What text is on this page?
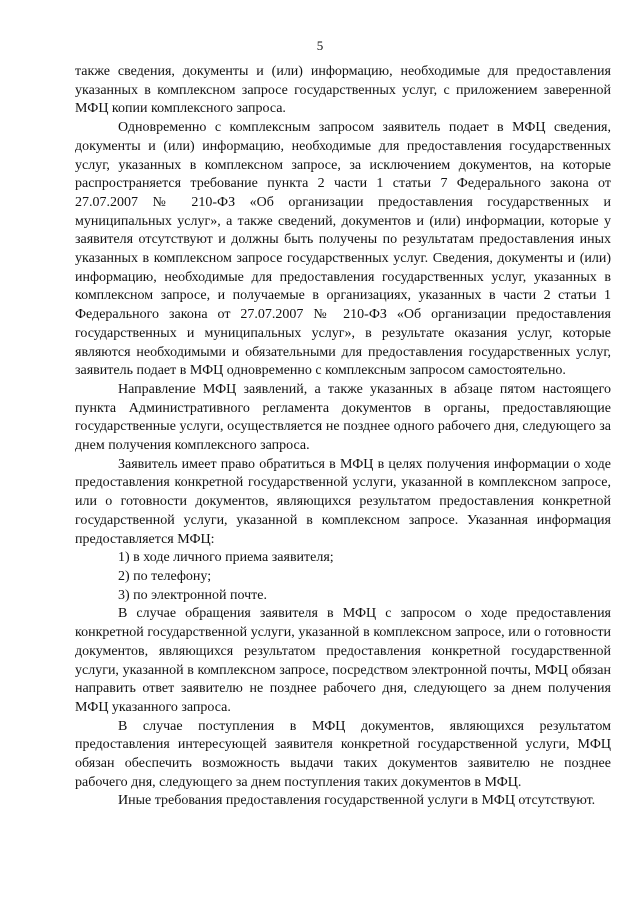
5

также сведения, документы и (или) информацию, необходимые для предоставления указанных в комплексном запросе государственных услуг, с приложением заверенной МФЦ копии комплексного запроса.

Одновременно с комплексным запросом заявитель подает в МФЦ сведения, документы и (или) информацию, необходимые для предоставления государственных услуг, указанных в комплексном запросе, за исключением документов, на которые распространяется требование пункта 2 части 1 статьи 7 Федерального закона от 27.07.2007 № 210-ФЗ «Об организации предоставления государственных и муниципальных услуг», а также сведений, документов и (или) информации, которые у заявителя отсутствуют и должны быть получены по результатам предоставления иных указанных в комплексном запросе государственных услуг. Сведения, документы и (или) информацию, необходимые для предоставления государственных услуг, указанных в комплексном запросе, и получаемые в организациях, указанных в части 2 статьи 1 Федерального закона от 27.07.2007 № 210-ФЗ «Об организации предоставления государственных и муниципальных услуг», в результате оказания услуг, которые являются необходимыми и обязательными для предоставления государственных услуг, заявитель подает в МФЦ одновременно с комплексным запросом самостоятельно.

Направление МФЦ заявлений, а также указанных в абзаце пятом настоящего пункта Административного регламента документов в органы, предоставляющие государственные услуги, осуществляется не позднее одного рабочего дня, следующего за днем получения комплексного запроса.

Заявитель имеет право обратиться в МФЦ в целях получения информации о ходе предоставления конкретной государственной услуги, указанной в комплексном запросе, или о готовности документов, являющихся результатом предоставления конкретной государственной услуги, указанной в комплексном запросе. Указанная информация предоставляется МФЦ:

1) в ходе личного приема заявителя;

2) по телефону;

3) по электронной почте.

В случае обращения заявителя в МФЦ с запросом о ходе предоставления конкретной государственной услуги, указанной в комплексном запросе, или о готовности документов, являющихся результатом предоставления конкретной государственной услуги, указанной в комплексном запросе, посредством электронной почты, МФЦ обязан направить ответ заявителю не позднее рабочего дня, следующего за днем получения МФЦ указанного запроса.

В случае поступления в МФЦ документов, являющихся результатом предоставления интересующей заявителя конкретной государственной услуги, МФЦ обязан обеспечить возможность выдачи таких документов заявителю не позднее рабочего дня, следующего за днем поступления таких документов в МФЦ.

Иные требования предоставления государственной услуги в МФЦ отсутствуют.
